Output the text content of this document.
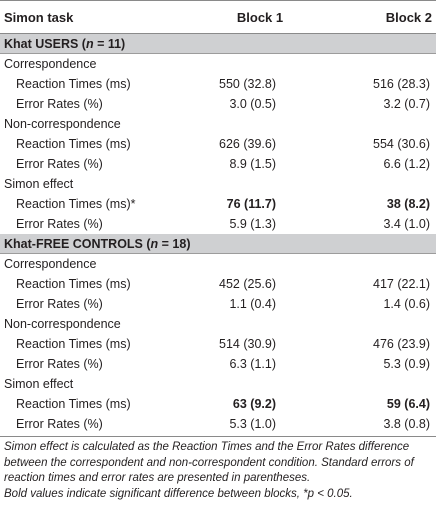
Simon task	Block 1	Block 2
Khat USERS (n = 11)
Correspondence
Reaction Times (ms)	550 (32.8)	516 (28.3)
Error Rates (%)	3.0 (0.5)	3.2 (0.7)
Non-correspondence
Reaction Times (ms)	626 (39.6)	554 (30.6)
Error Rates (%)	8.9 (1.5)	6.6 (1.2)
Simon effect
Reaction Times (ms)*	76 (11.7)	38 (8.2)
Error Rates (%)	5.9 (1.3)	3.4 (1.0)
Khat-FREE CONTROLS (n = 18)
Correspondence
Reaction Times (ms)	452 (25.6)	417 (22.1)
Error Rates (%)	1.1 (0.4)	1.4 (0.6)
Non-correspondence
Reaction Times (ms)	514 (30.9)	476 (23.9)
Error Rates (%)	6.3 (1.1)	5.3 (0.9)
Simon effect
Reaction Times (ms)	63 (9.2)	59 (6.4)
Error Rates (%)	5.3 (1.0)	3.8 (0.8)

Simon effect is calculated as the Reaction Times and the Error Rates difference between the correspondent and non-correspondent condition. Standard errors of reaction times and error rates are presented in parentheses.

Bold values indicate significant difference between blocks, *p < 0.05.
